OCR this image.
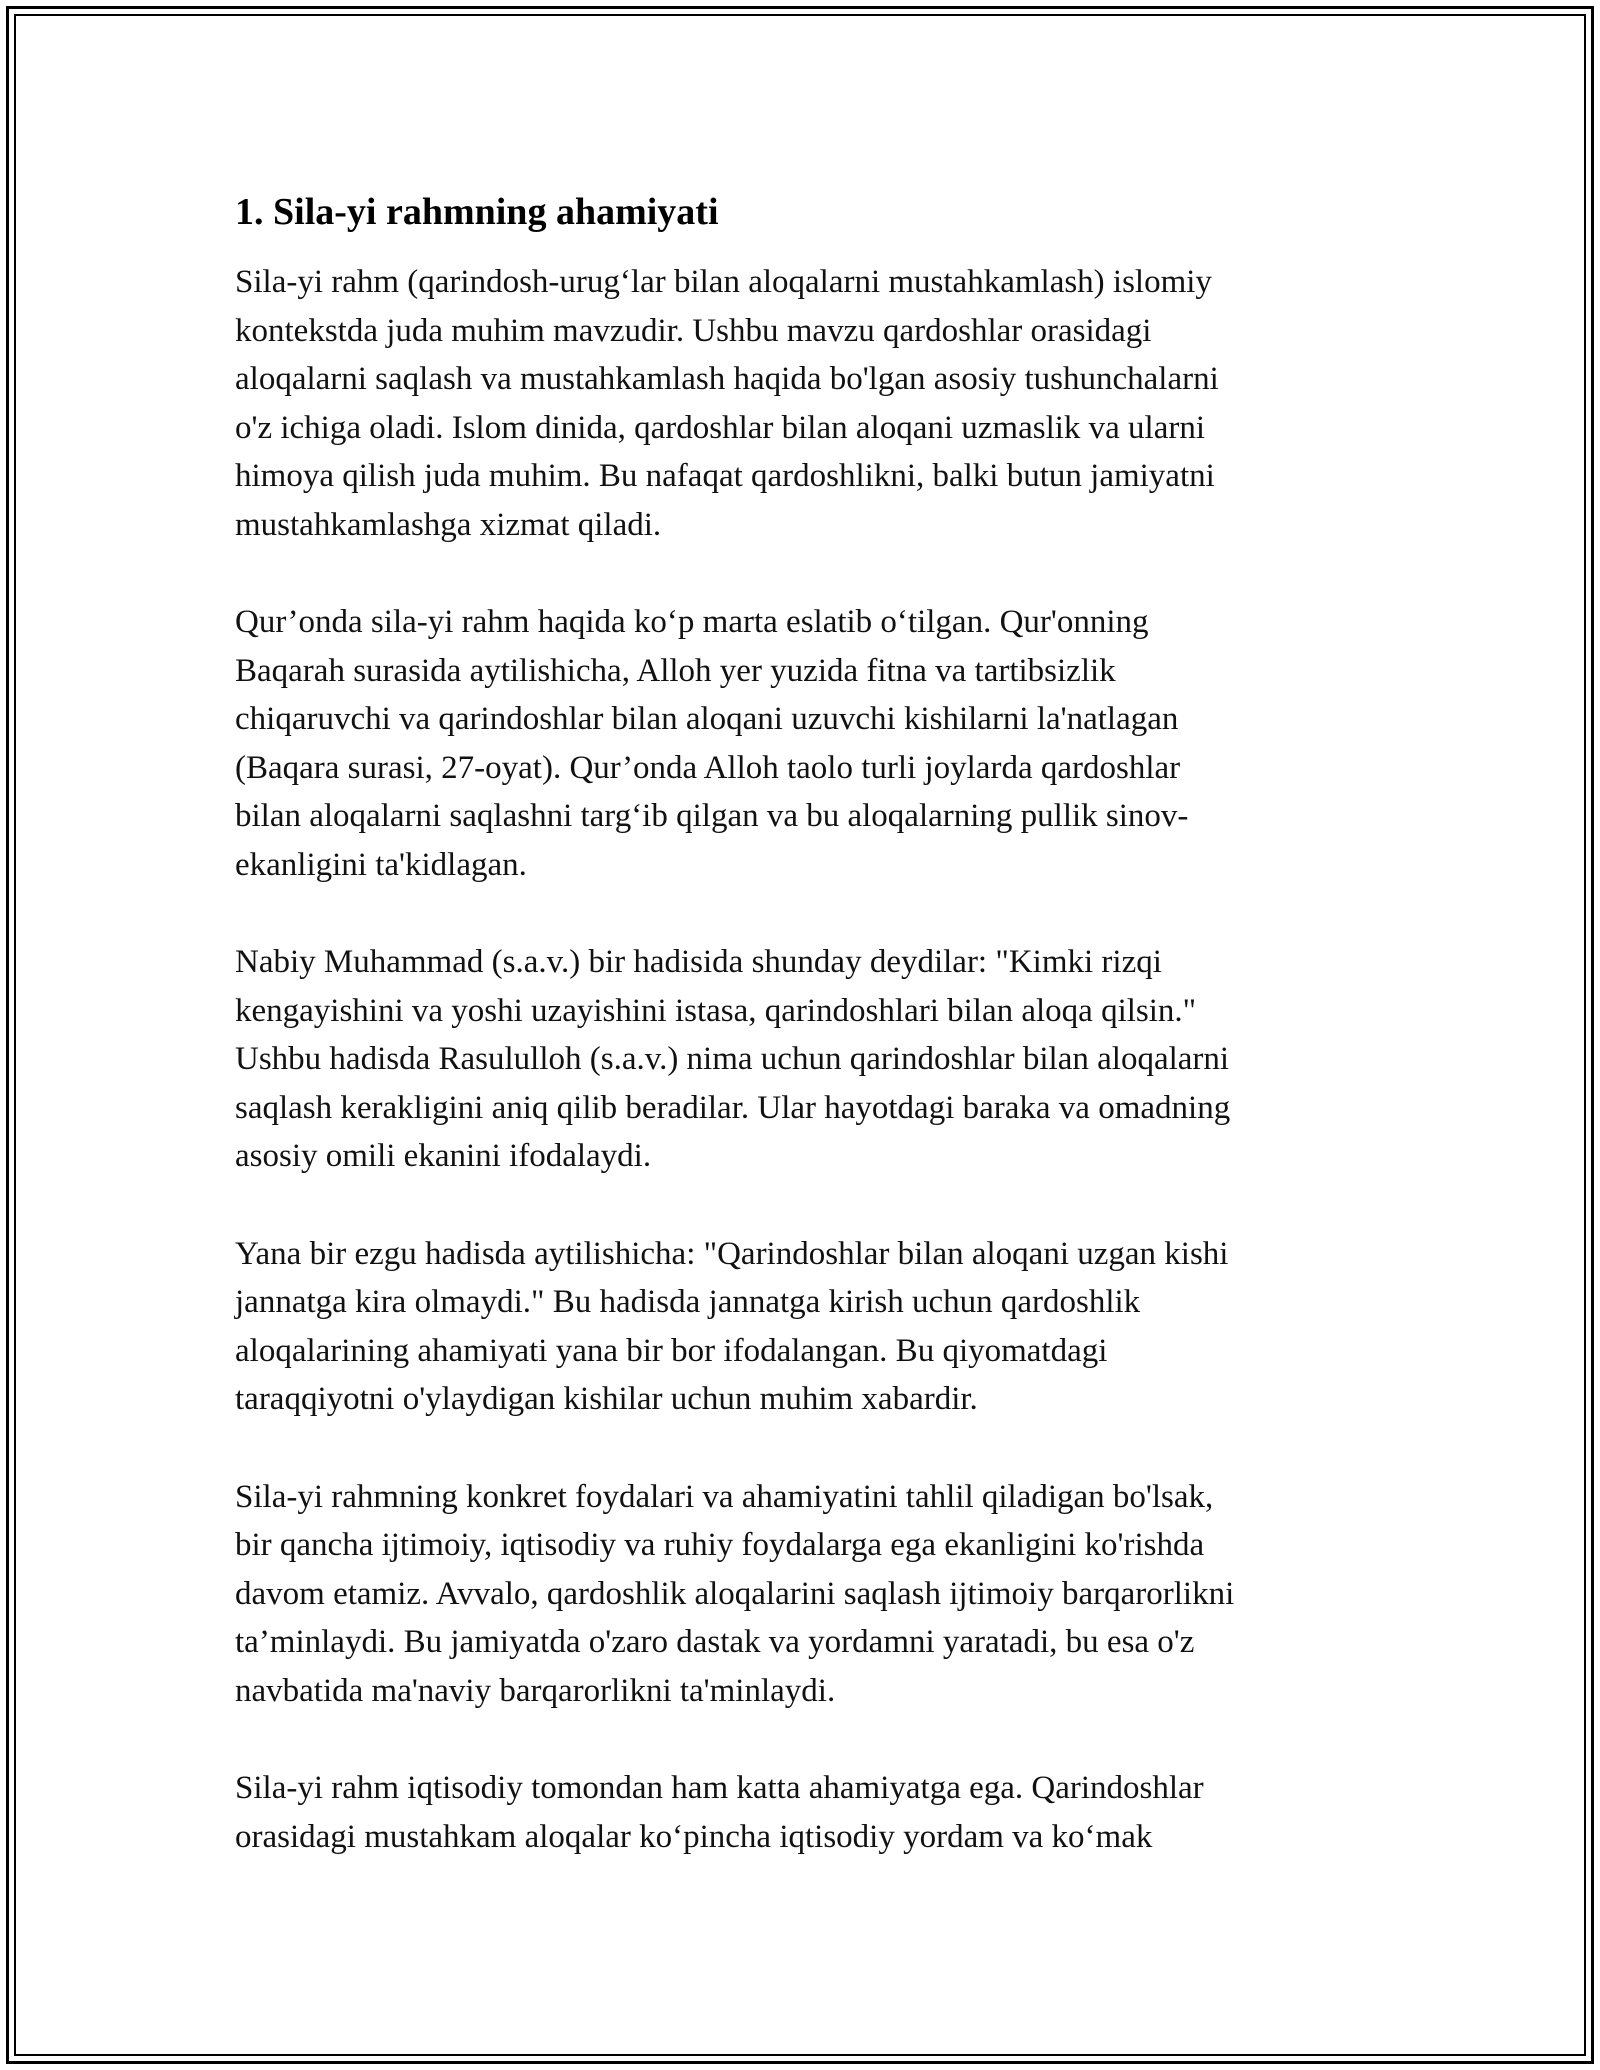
1. Sila-yi rahmning ahamiyati

Sila-yi rahm (qarindosh-urug‘lar bilan aloqalarni mustahkamlash) islomiy
kontekstda juda muhim mavzudir. Ushbu mavzu qardoshlar orasidagi
aloqalarni saqlash va mustahkamlash haqida bo'lgan asosiy tushunchalarni
o'z ichiga oladi. Islom dinida, qardoshlar bilan aloqani uzmaslik va ularni
himoya qilish juda muhim. Bu nafaqat qardoshlikni, balki butun jamiyatni
mustahkamlashga xizmat qiladi.

Qur’onda sila-yi rahm haqida ko‘p marta eslatib o‘tilgan. Qur'onning
Baqarah surasida aytilishicha, Alloh yer yuzida fitna va tartibsizlik
chiqaruvchi va qarindoshlar bilan aloqani uzuvchi kishilarni la'natlagan
(Baqara surasi, 27-oyat). Qur’onda Alloh taolo turli joylarda qardoshlar
bilan aloqalarni saqlashni targ‘ib qilgan va bu aloqalarning pullik sinov-
ekanligini ta'kidlagan.

Nabiy Muhammad (s.a.v.) bir hadisida shunday deydilar: "Kimki rizqi
kengayishini va yoshi uzayishini istasa, qarindoshlari bilan aloqa qilsin."
Ushbu hadisda Rasululloh (s.a.v.) nima uchun qarindoshlar bilan aloqalarni
saqlash kerakligini aniq qilib beradilar. Ular hayotdagi baraka va omadning
asosiy omili ekanini ifodalaydi.

Yana bir ezgu hadisda aytilishicha: "Qarindoshlar bilan aloqani uzgan kishi
jannatga kira olmaydi." Bu hadisda jannatga kirish uchun qardoshlik
aloqalarining ahamiyati yana bir bor ifodalangan. Bu qiyomatdagi
taraqqiyotni o'ylaydigan kishilar uchun muhim xabardir.

Sila-yi rahmning konkret foydalari va ahamiyatini tahlil qiladigan bo'lsak,
bir qancha ijtimoiy, iqtisodiy va ruhiy foydalarga ega ekanligini ko'rishda
davom etamiz. Avvalo, qardoshlik aloqalarini saqlash ijtimoiy barqarorlikni
ta’minlaydi. Bu jamiyatda o'zaro dastak va yordamni yaratadi, bu esa o'z
navbatida ma'naviy barqarorlikni ta'minlaydi.

Sila-yi rahm iqtisodiy tomondan ham katta ahamiyatga ega. Qarindoshlar
orasidagi mustahkam aloqalar ko‘pincha iqtisodiy yordam va ko‘mak
